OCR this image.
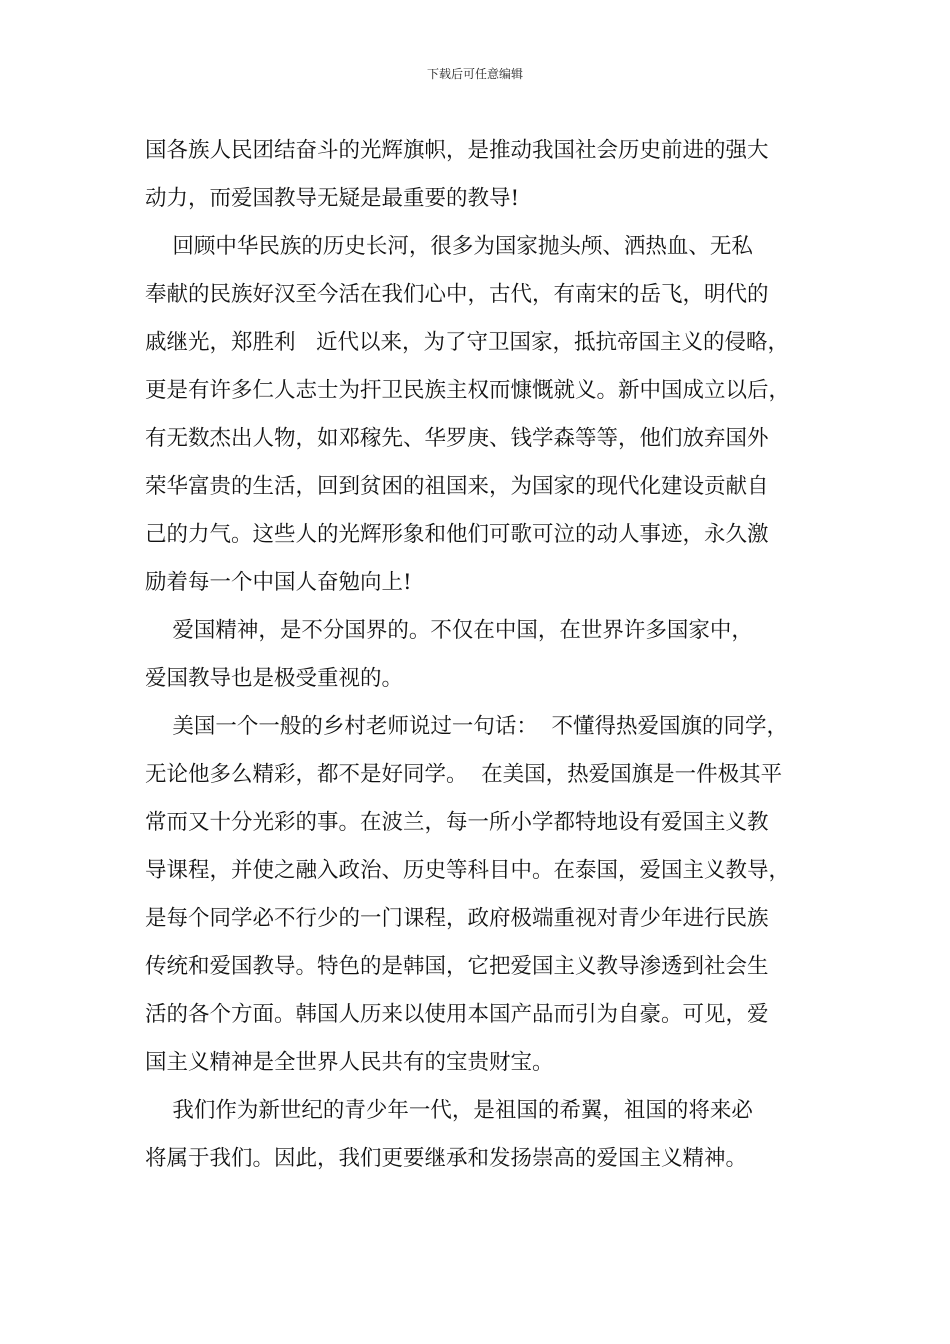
下载后可任意编辑
国各族人民团结奋斗的光辉旗帜，是推动我国社会历史前进的强大
动力，而爱国教导无疑是最重要的教导!
回顾中华民族的历史长河，很多为国家抛头颅、洒热血、无私
奉献的民族好汉至今活在我们心中，古代，有南宋的岳飞，明代的
戚继光，郑胜利   近代以来，为了守卫国家，抵抗帝国主义的侵略，
更是有许多仁人志士为扞卫民族主权而慷慨就义。新中国成立以后，
有无数杰出人物，如邓稼先、华罗庚、钱学森等等，他们放弃国外
荣华富贵的生活，回到贫困的祖国来，为国家的现代化建设贡献自
己的力气。这些人的光辉形象和他们可歌可泣的动人事迹，永久激
励着每一个中国人奋勉向上!
爱国精神，是不分国界的。不仅在中国，在世界许多国家中，
爱国教导也是极受重视的。
美国一个一般的乡村老师说过一句话：  不懂得热爱国旗的同学，
无论他多么精彩，都不是好同学。  在美国，热爱国旗是一件极其平
常而又十分光彩的事。在波兰，每一所小学都特地设有爱国主义教
导课程，并使之融入政治、历史等科目中。在泰国，爱国主义教导，
是每个同学必不行少的一门课程，政府极端重视对青少年进行民族
传统和爱国教导。特色的是韩国，它把爱国主义教导渗透到社会生
活的各个方面。韩国人历来以使用本国产品而引为自豪。可见，爱
国主义精神是全世界人民共有的宝贵财宝。
我们作为新世纪的青少年一代，是祖国的希翼，祖国的将来必
将属于我们。因此，我们更要继承和发扬崇高的爱国主义精神。
